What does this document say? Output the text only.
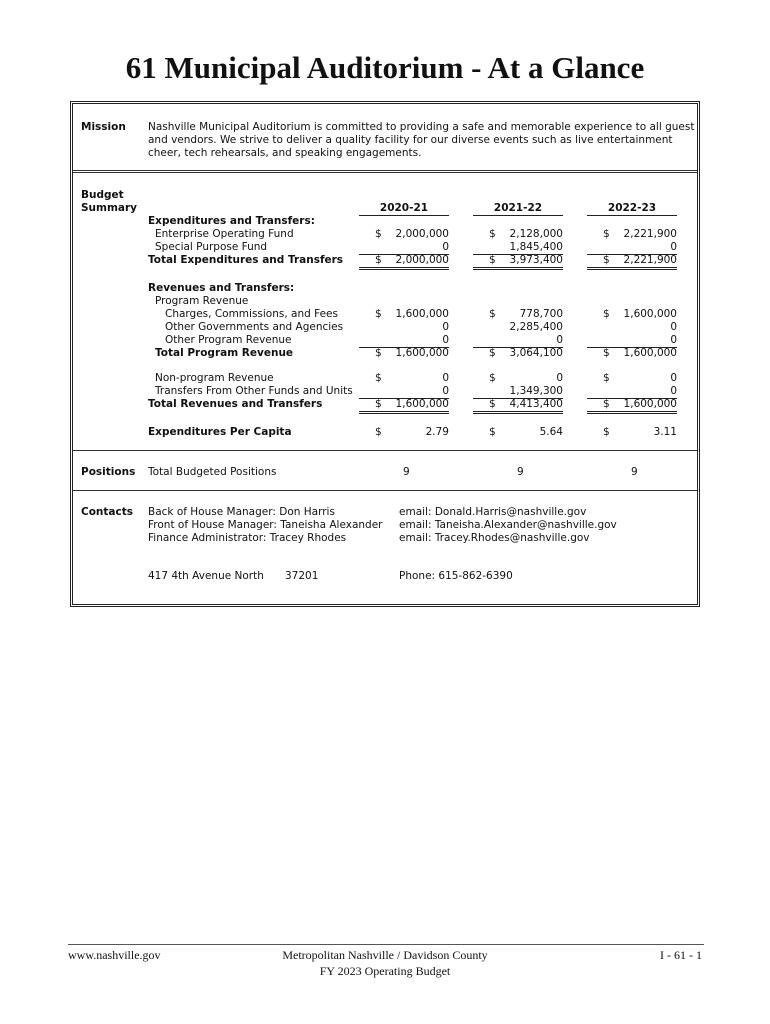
61 Municipal Auditorium - At a Glance
Mission Nashville Municipal Auditorium is committed to providing a safe and memorable experience to all guest
and vendors. We strive to deliver a quality facility for our diverse events such as live entertainment
cheer, tech rehearsals, and speaking engagements.
Budget
Summary	2020-21	2021-22	2022-23
Expenditures and Transfers:
Enterprise Operating Fund	$	2,000,000	$	2,128,000	$	2,221,900
Special Purpose Fund	0	1,845,400	0
Total Expenditures and Transfers	$	2,000,000	$	3,973,400	$	2,221,900
Revenues and Transfers:
Program Revenue
Charges, Commissions, and Fees	$	1,600,000	$	778,700	$	1,600,000
Other Governments and Agencies	0	2,285,400	0
Other Program Revenue	0	0	0
Total Program Revenue	$	1,600,000	$	3,064,100	$	1,600,000
Non-program Revenue	$	0	$	0	$	0
Transfers From Other Funds and Units	0	1,349,300	0
Total Revenues and Transfers	$	1,600,000	$	4,413,400	$	1,600,000
Expenditures Per Capita	$	2.79	$	5.64	$	3.11
Positions Total Budgeted Positions	9	9	9
Contacts Back of House Manager: Don Harris	email: Donald.Harris@nashville.gov
Front of House Manager: Taneisha Alexander email: Taneisha.Alexander@nashville.gov
Finance Administrator: Tracey Rhodes	email: Tracey.Rhodes@nashville.gov
417 4th Avenue North 37201	Phone: 615-862-6390
www.nashville.gov	Metropolitan Nashville / Davidson County
FY 2023 Operating Budget
I - 61 - 1
